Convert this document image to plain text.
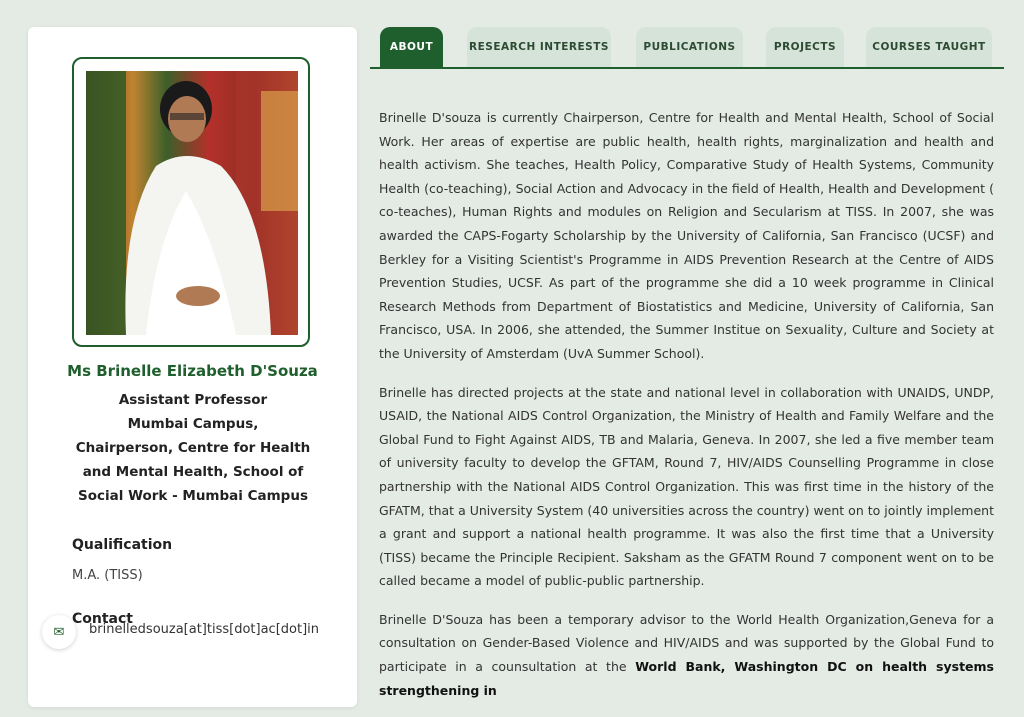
Ms Brinelle Elizabeth D'Souza
Assistant Professor
Mumbai Campus,
Chairperson, Centre for Health
and Mental Health, School of
Social Work - Mumbai Campus
Qualification
M.A. (TISS)
Contact
✉	brinelledsouza[at]tiss[dot]ac[dot]in
ABOUT	RESEARCH INTERESTS	PUBLICATIONS	PROJECTS	COURSES TAUGHT

Brinelle D'souza is currently Chairperson, Centre for Health and Mental Health, School of Social Work. Her areas of expertise are public health, health rights, marginalization and health and health activism. She teaches, Health Policy, Comparative Study of Health Systems, Community Health (co-teaching), Social Action and Advocacy in the field of Health, Health and Development ( co-teaches), Human Rights and modules on Religion and Secularism at TISS. In 2007, she was awarded the CAPS-Fogarty Scholarship by the University of California, San Francisco (UCSF) and Berkley for a Visiting Scientist's Programme in AIDS Prevention Research at the Centre of AIDS Prevention Studies, UCSF. As part of the programme she did a 10 week programme in Clinical Research Methods from Department of Biostatistics and Medicine, University of California, San Francisco, USA. In 2006, she attended, the Summer Institue on Sexuality, Culture and Society at the University of Amsterdam (UvA Summer School).

Brinelle has directed projects at the state and national level in collaboration with UNAIDS, UNDP, USAID, the National AIDS Control Organization, the Ministry of Health and Family Welfare and the Global Fund to Fight Against AIDS, TB and Malaria, Geneva. In 2007, she led a five member team of university faculty to develop the GFTAM, Round 7, HIV/AIDS Counselling Programme in close partnership with the National AIDS Control Organization. This was first time in the history of the GFATM, that a University System (40 universities across the country) went on to jointly implement a grant and support a national health programme. It was also the first time that a University (TISS) became the Principle Recipient. Saksham as the GFATM Round 7 component went on to be called became a model of public-public partnership.

Brinelle D'Souza has been a temporary advisor to the World Health Organization,Geneva for a consultation on Gender-Based Violence and HIV/AIDS and was supported by the Global Fund to participate in a counsultation at the World Bank, Washington DC on health systems strengthening in
